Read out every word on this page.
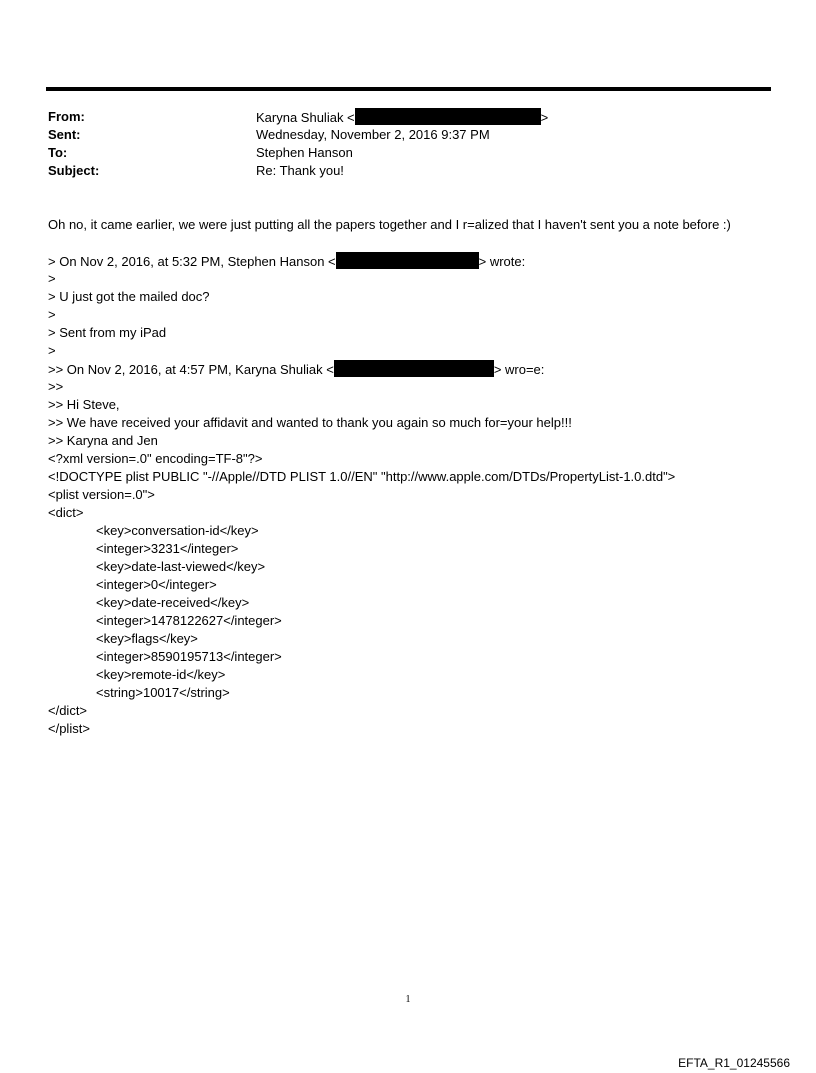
From:	Karyna Shuliak <	>
Sent:	Wednesday, November 2, 2016 9:37 PM
To:	Stephen Hanson
Subject:	Re: Thank you!
Oh no, it came earlier, we were just putting all the papers together and I r=alized that I haven't sent you a note before :)
> On Nov 2, 2016, at 5:32 PM, Stephen Hanson <	> wrote:
>
> U just got the mailed doc?
>
> Sent from my iPad
>
>> On Nov 2, 2016, at 4:57 PM, Karyna Shuliak <	> wro=e:
>>
>> Hi Steve,
>> We have received your affidavit and wanted to thank you again so much for=your help!!!
>> Karyna and Jen
<?xml version=.0" encoding=TF-8"?>
<!DOCTYPE plist PUBLIC "-//Apple//DTD PLIST 1.0//EN" "http://www.apple.com/DTDs/PropertyList-1.0.dtd">
<plist version=.0">
<dict>
<key>conversation-id</key>
<integer>3231</integer>
<key>date-last-viewed</key>
<integer>0</integer>
<key>date-received</key>
<integer>1478122627</integer>
<key>flags</key>
<integer>8590195713</integer>
<key>remote-id</key>
<string>10017</string>
</dict>
</plist>
1
EFTA_R1_01245566
